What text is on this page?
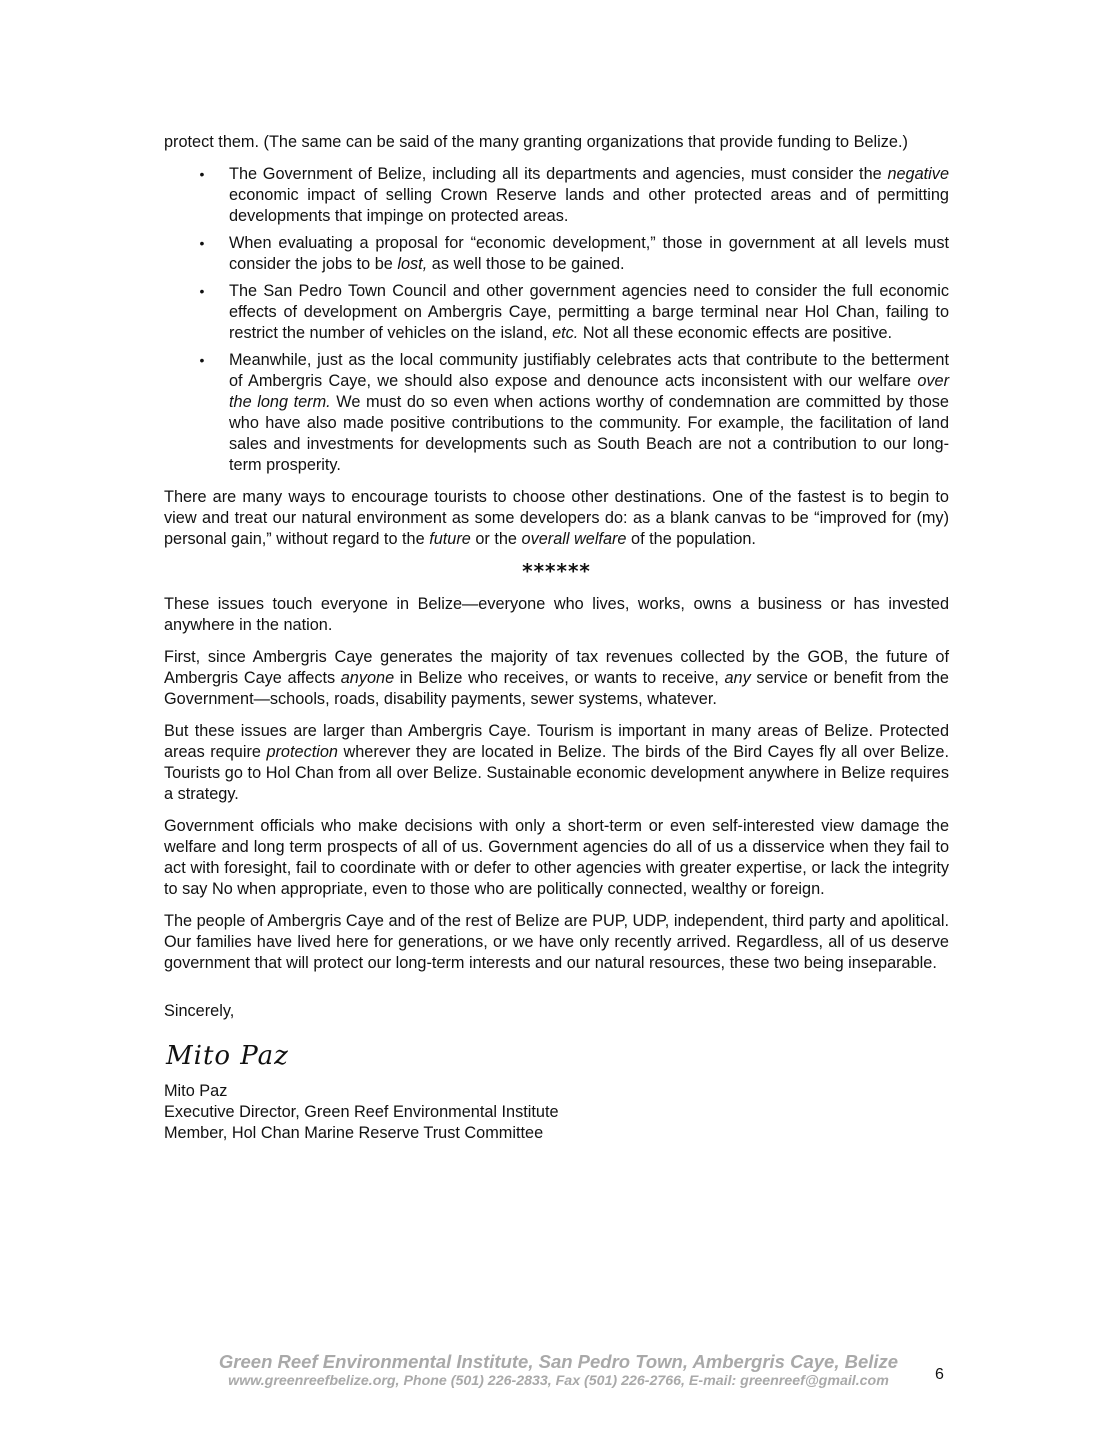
protect them. (The same can be said of the many granting organizations that provide funding to Belize.)

• The Government of Belize, including all its departments and agencies, must consider the negative economic impact of selling Crown Reserve lands and other protected areas and of permitting developments that impinge on protected areas.
• When evaluating a proposal for “economic development,” those in government at all levels must consider the jobs to be lost, as well those to be gained.
• The San Pedro Town Council and other government agencies need to consider the full economic effects of development on Ambergris Caye, permitting a barge terminal near Hol Chan, failing to restrict the number of vehicles on the island, etc. Not all these economic effects are positive.
• Meanwhile, just as the local community justifiably celebrates acts that contribute to the betterment of Ambergris Caye, we should also expose and denounce acts inconsistent with our welfare over the long term. We must do so even when actions worthy of condemnation are committed by those who have also made positive contributions to the community. For example, the facilitation of land sales and investments for developments such as South Beach are not a contribution to our long-term prosperity.

There are many ways to encourage tourists to choose other destinations. One of the fastest is to begin to view and treat our natural environment as some developers do: as a blank canvas to be “improved for (my) personal gain,” without regard to the future or the overall welfare of the population.

******

These issues touch everyone in Belize—everyone who lives, works, owns a business or has invested anywhere in the nation.

First, since Ambergris Caye generates the majority of tax revenues collected by the GOB, the future of Ambergris Caye affects anyone in Belize who receives, or wants to receive, any service or benefit from the Government—schools, roads, disability payments, sewer systems, whatever.

But these issues are larger than Ambergris Caye. Tourism is important in many areas of Belize. Protected areas require protection wherever they are located in Belize. The birds of the Bird Cayes fly all over Belize. Tourists go to Hol Chan from all over Belize. Sustainable economic development anywhere in Belize requires a strategy.

Government officials who make decisions with only a short-term or even self-interested view damage the welfare and long term prospects of all of us. Government agencies do all of us a disservice when they fail to act with foresight, fail to coordinate with or defer to other agencies with greater expertise, or lack the integrity to say No when appropriate, even to those who are politically connected, wealthy or foreign.

The people of Ambergris Caye and of the rest of Belize are PUP, UDP, independent, third party and apolitical. Our families have lived here for generations, or we have only recently arrived. Regardless, all of us deserve government that will protect our long-term interests and our natural resources, these two being inseparable.

Sincerely,
Mito Paz
Mito Paz
Executive Director, Green Reef Environmental Institute
Member, Hol Chan Marine Reserve Trust Committee
6
Green Reef Environmental Institute, San Pedro Town, Ambergris Caye, Belize
www.greenreefbelize.org, Phone (501) 226-2833, Fax (501) 226-2766, E-mail: greenreef@gmail.com
